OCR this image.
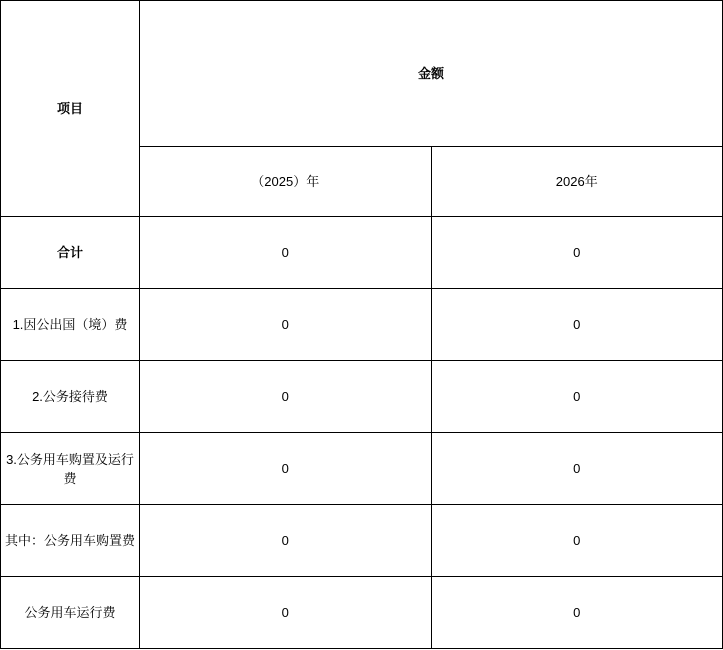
项目	金额	
	（2025）年	2026年
合计	0	0
1.因公出国（境）费	0	0
2.公务接待费	0	0
3.公务用车购置及运行费	0	0
其中：公务用车购置费	0	0
公务用车运行费	0	0
